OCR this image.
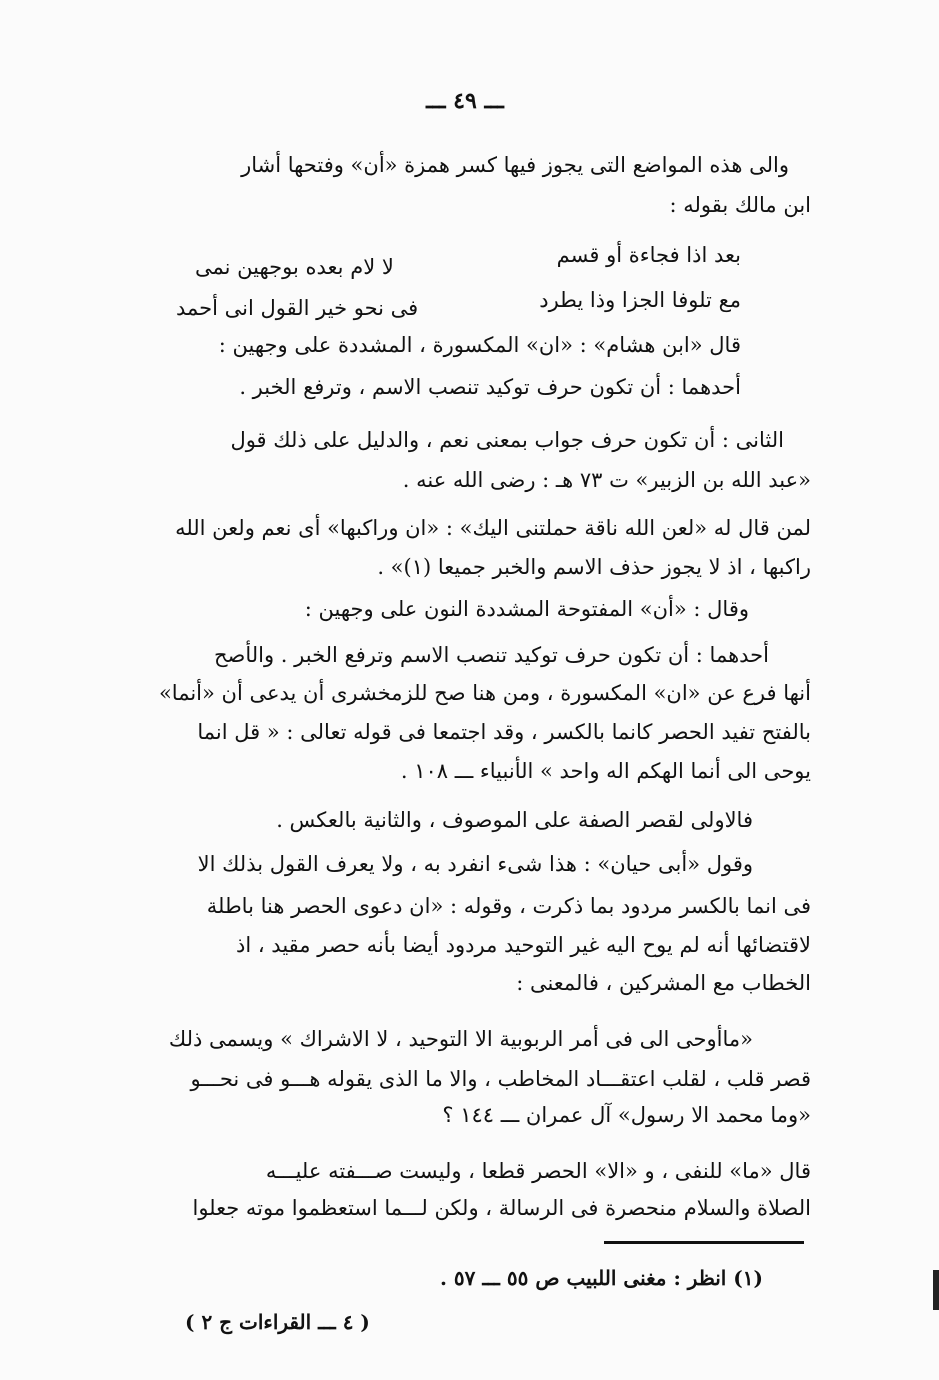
ـــ ٤٩ ـــ
والى هذه المواضع التى يجوز فيها كسر همزة «أن» وفتحها أشار
ابن مالك بقوله :
بعد اذا فجاءة أو قسم
لا لام بعده بوجهين نمى
مع تلوفا الجزا وذا يطرد
فى نحو خير القول انى أحمد
قال «ابن هشام» : «ان» المكسورة ، المشددة على وجهين :
أحدهما : أن تكون حرف توكيد تنصب الاسم ، وترفع الخبر .
الثانى : أن تكون حرف جواب بمعنى نعم ، والدليل على ذلك قول
«عبد الله بن الزبير» ت ٧٣ هـ : رضى الله عنه .
لمن قال له «لعن الله ناقة حملتنى اليك» : «ان وراكبها» أى نعم ولعن الله
راكبها ، اذ لا يجوز حذف الاسم والخبر جميعا (١)» .
وقال : «أن» المفتوحة المشددة النون على وجهين :
أحدهما : أن تكون حرف توكيد تنصب الاسم وترفع الخبر . والأصح
أنها فرع عن «ان» المكسورة ، ومن هنا صح للزمخشرى أن يدعى أن «أنما»
بالفتح تفيد الحصر كانما بالكسر ، وقد اجتمعا فى قوله تعالى : « قل انما
يوحى الى أنما الهكم اله واحد » الأنبياء ـــ ١٠٨ .
فالاولى لقصر الصفة على الموصوف ، والثانية بالعكس .
وقول «أبى حيان» : هذا شىء انفرد به ، ولا يعرف القول بذلك الا
فى انما بالكسر مردود بما ذكرت ، وقوله : «ان دعوى الحصر هنا باطلة
لاقتضائها أنه لم يوح اليه غير التوحيد مردود أيضا بأنه حصر مقيد ، اذ
الخطاب مع المشركين ، فالمعنى :
«ماأوحى الى فى أمر الربوبية الا التوحيد ، لا الاشراك » ويسمى ذلك
قصر قلب ، لقلب اعتقـــاد المخاطب ، والا ما الذى يقوله هـــو فى نحـــو
«وما محمد الا رسول» آل عمران ـــ ١٤٤ ؟
قال «ما» للنفى ، و «الا» الحصر قطعا ، وليست صـــفته عليـــه
الصلاة والسلام منحصرة فى الرسالة ، ولكن لـــما استعظموا موته جعلوا
(١) انظر : مغنى اللبيب ص ٥٥ ـــ ٥٧ .
( ٤ ـــ القراءات ج ٢ )
